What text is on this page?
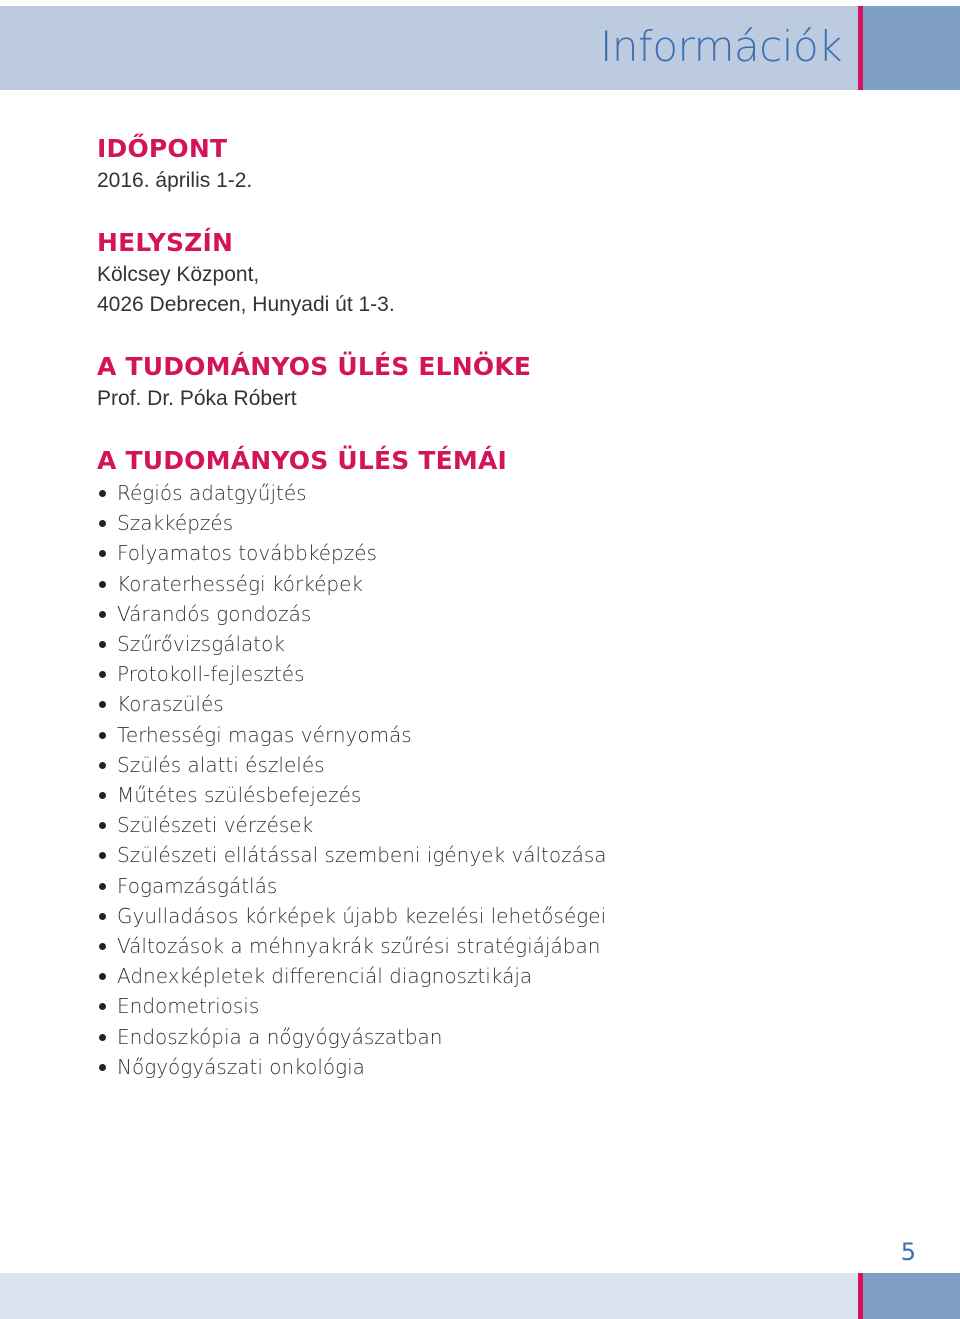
Információk
IDŐPONT

2016. április 1-2.

HELYSZÍN

Kölcsey Központ,

4026 Debrecen, Hunyadi út 1-3.

A TUDOMÁNYOS ÜLÉS ELNÖKE

Prof. Dr. Póka Róbert

A TUDOMÁNYOS ÜLÉS TÉMÁI
Régiós adatgyűjtés
Szakképzés
Folyamatos továbbképzés
Koraterhességi kórképek
Várandós gondozás
Szűrővizsgálatok
Protokoll-fejlesztés
Koraszülés
Terhességi magas vérnyomás
Szülés alatti észlelés
Műtétes szülésbefejezés
Szülészeti vérzések
Szülészeti ellátással szembeni igények változása
Fogamzásgátlás
Gyulladásos kórképek újabb kezelési lehetőségei
Változások a méhnyakrák szűrési stratégiájában
Adnexképletek differenciál diagnosztikája
Endometriosis
Endoszkópia a nőgyógyászatban
Nőgyógyászati onkológia
5
